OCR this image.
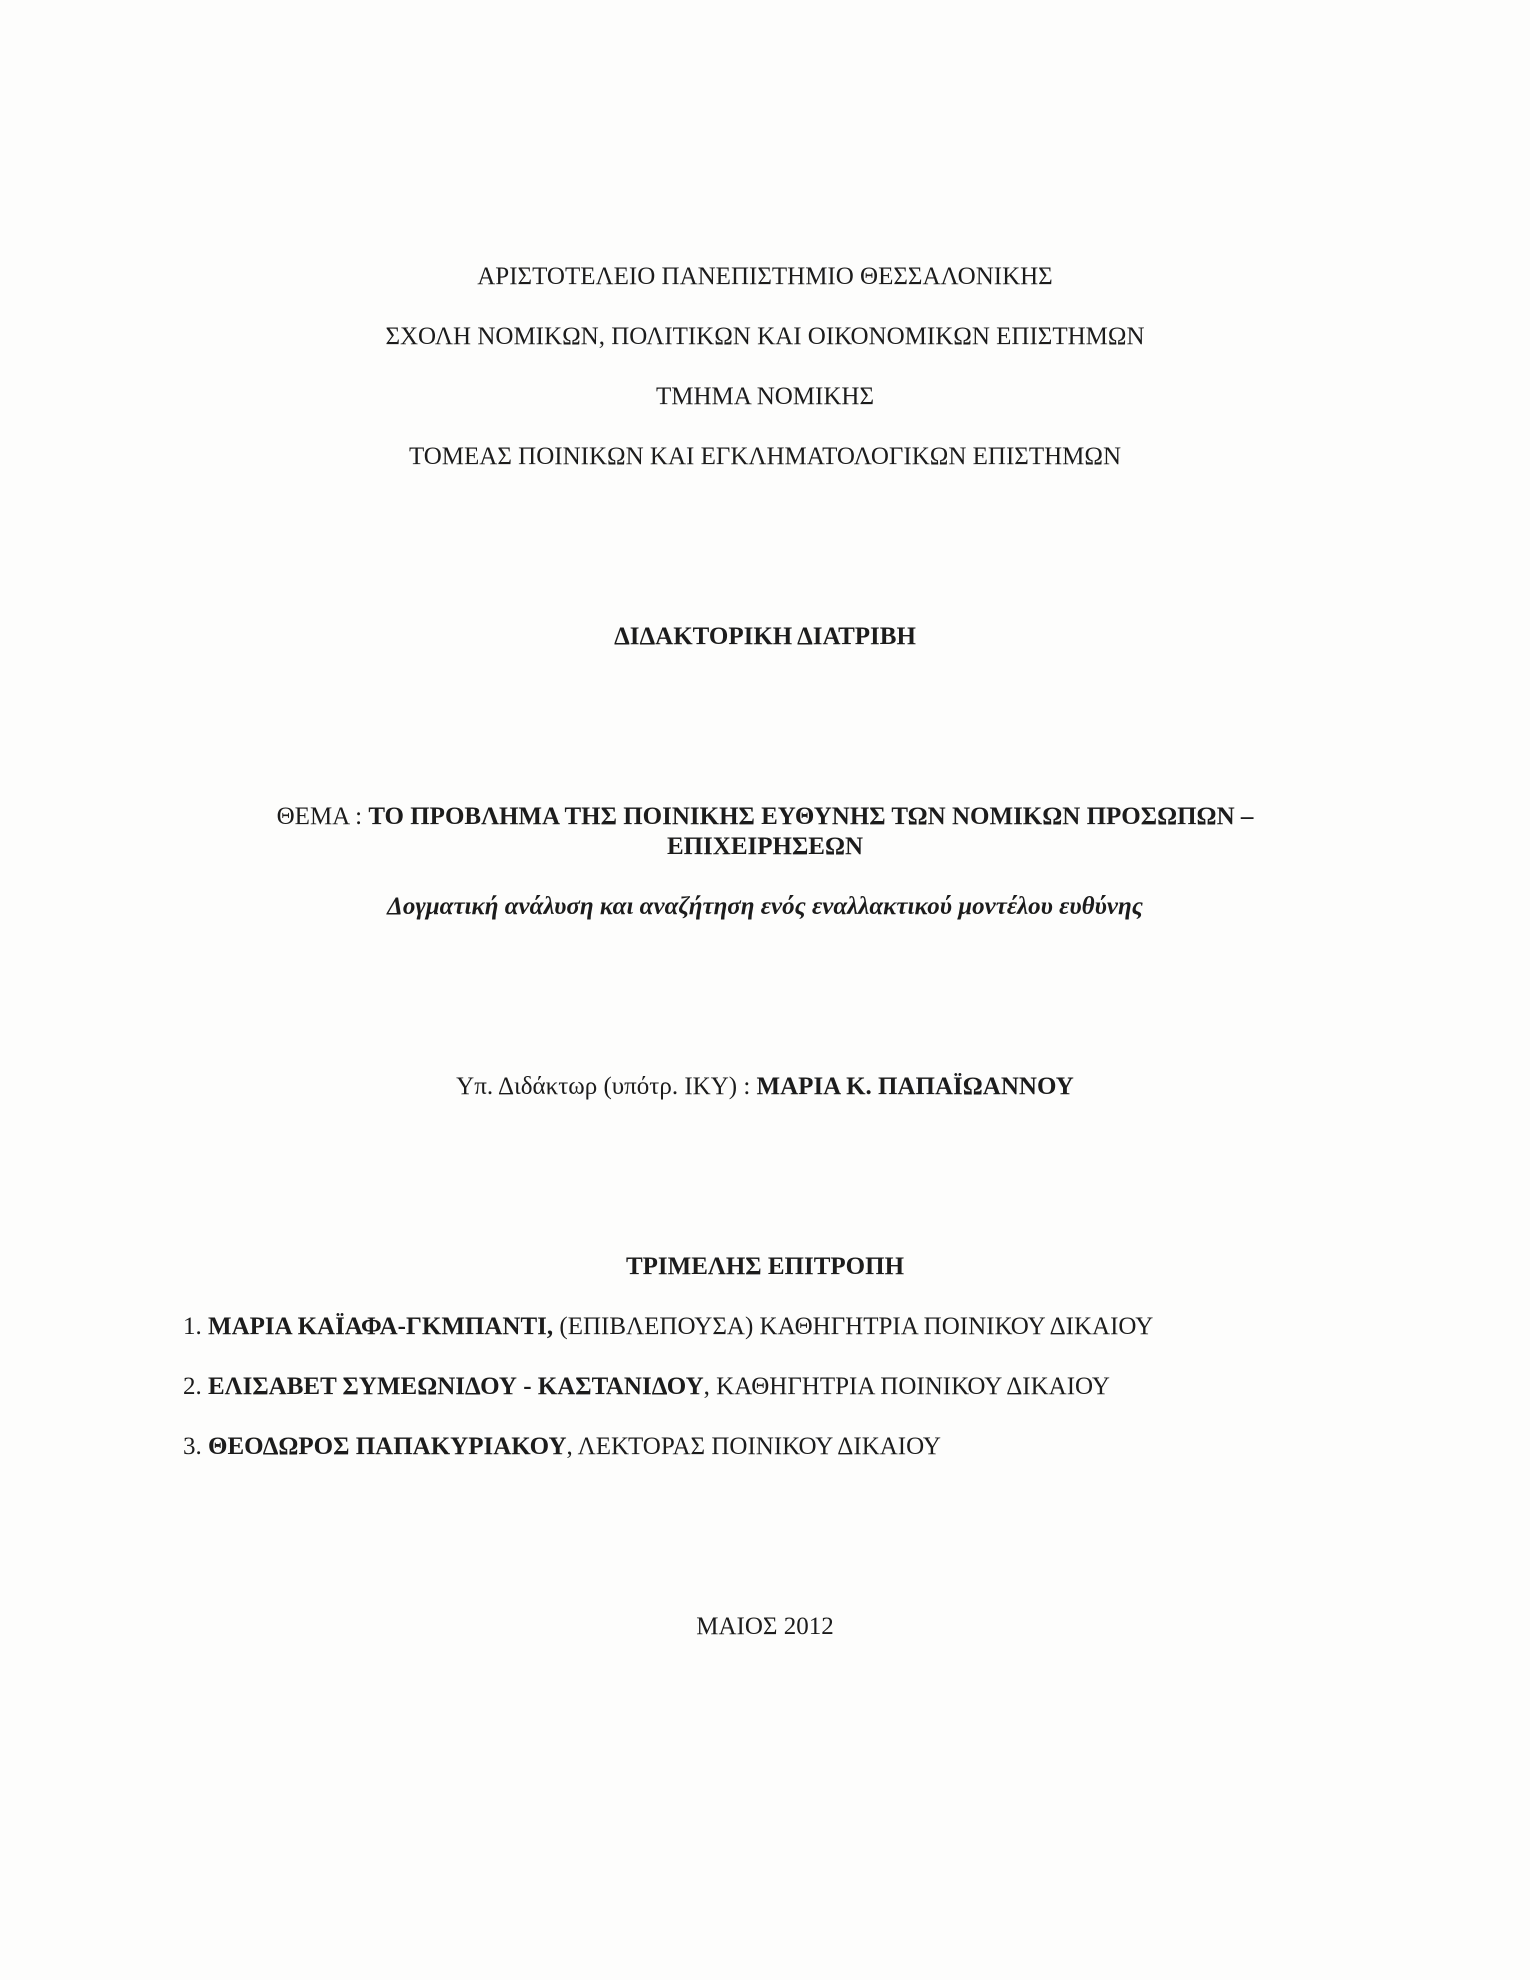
ΑΡΙΣΤΟΤΕΛΕΙΟ ΠΑΝΕΠΙΣΤΗΜΙΟ ΘΕΣΣΑΛΟΝΙΚΗΣ
ΣΧΟΛΗ ΝΟΜΙΚΩΝ, ΠΟΛΙΤΙΚΩΝ ΚΑΙ ΟΙΚΟΝΟΜΙΚΩΝ ΕΠΙΣΤΗΜΩΝ
ΤΜΗΜΑ ΝΟΜΙΚΗΣ
ΤΟΜΕΑΣ ΠΟΙΝΙΚΩΝ ΚΑΙ ΕΓΚΛΗΜΑΤΟΛΟΓΙΚΩΝ ΕΠΙΣΤΗΜΩΝ
ΔΙΔΑΚΤΟΡΙΚΗ ΔΙΑΤΡΙΒΗ
ΘΕΜΑ : ΤΟ ΠΡΟΒΛΗΜΑ ΤΗΣ ΠΟΙΝΙΚΗΣ ΕΥΘΥΝΗΣ ΤΩΝ ΝΟΜΙΚΩΝ ΠΡΟΣΩΠΩΝ –
ΕΠΙΧΕΙΡΗΣΕΩΝ
Δογματική ανάλυση και αναζήτηση ενός εναλλακτικού μοντέλου ευθύνης
Υπ. Διδάκτωρ (υπότρ. ΙΚΥ) : ΜΑΡΙΑ Κ. ΠΑΠΑΪΩΑΝΝΟΥ
ΤΡΙΜΕΛΗΣ ΕΠΙΤΡΟΠΗ
1. ΜΑΡΙΑ ΚΑΪΑΦΑ-ΓΚΜΠΑΝΤΙ, (ΕΠΙΒΛΕΠΟΥΣΑ) ΚΑΘΗΓΗΤΡΙΑ ΠΟΙΝΙΚΟΥ ΔΙΚΑΙΟΥ
2. ΕΛΙΣΑΒΕΤ ΣΥΜΕΩΝΙΔΟΥ - ΚΑΣΤΑΝΙΔΟΥ, ΚΑΘΗΓΗΤΡΙΑ ΠΟΙΝΙΚΟΥ ΔΙΚΑΙΟΥ
3. ΘΕΟΔΩΡΟΣ ΠΑΠΑΚΥΡΙΑΚΟΥ, ΛΕΚΤΟΡΑΣ ΠΟΙΝΙΚΟΥ ΔΙΚΑΙΟΥ
ΜΑΙΟΣ 2012
